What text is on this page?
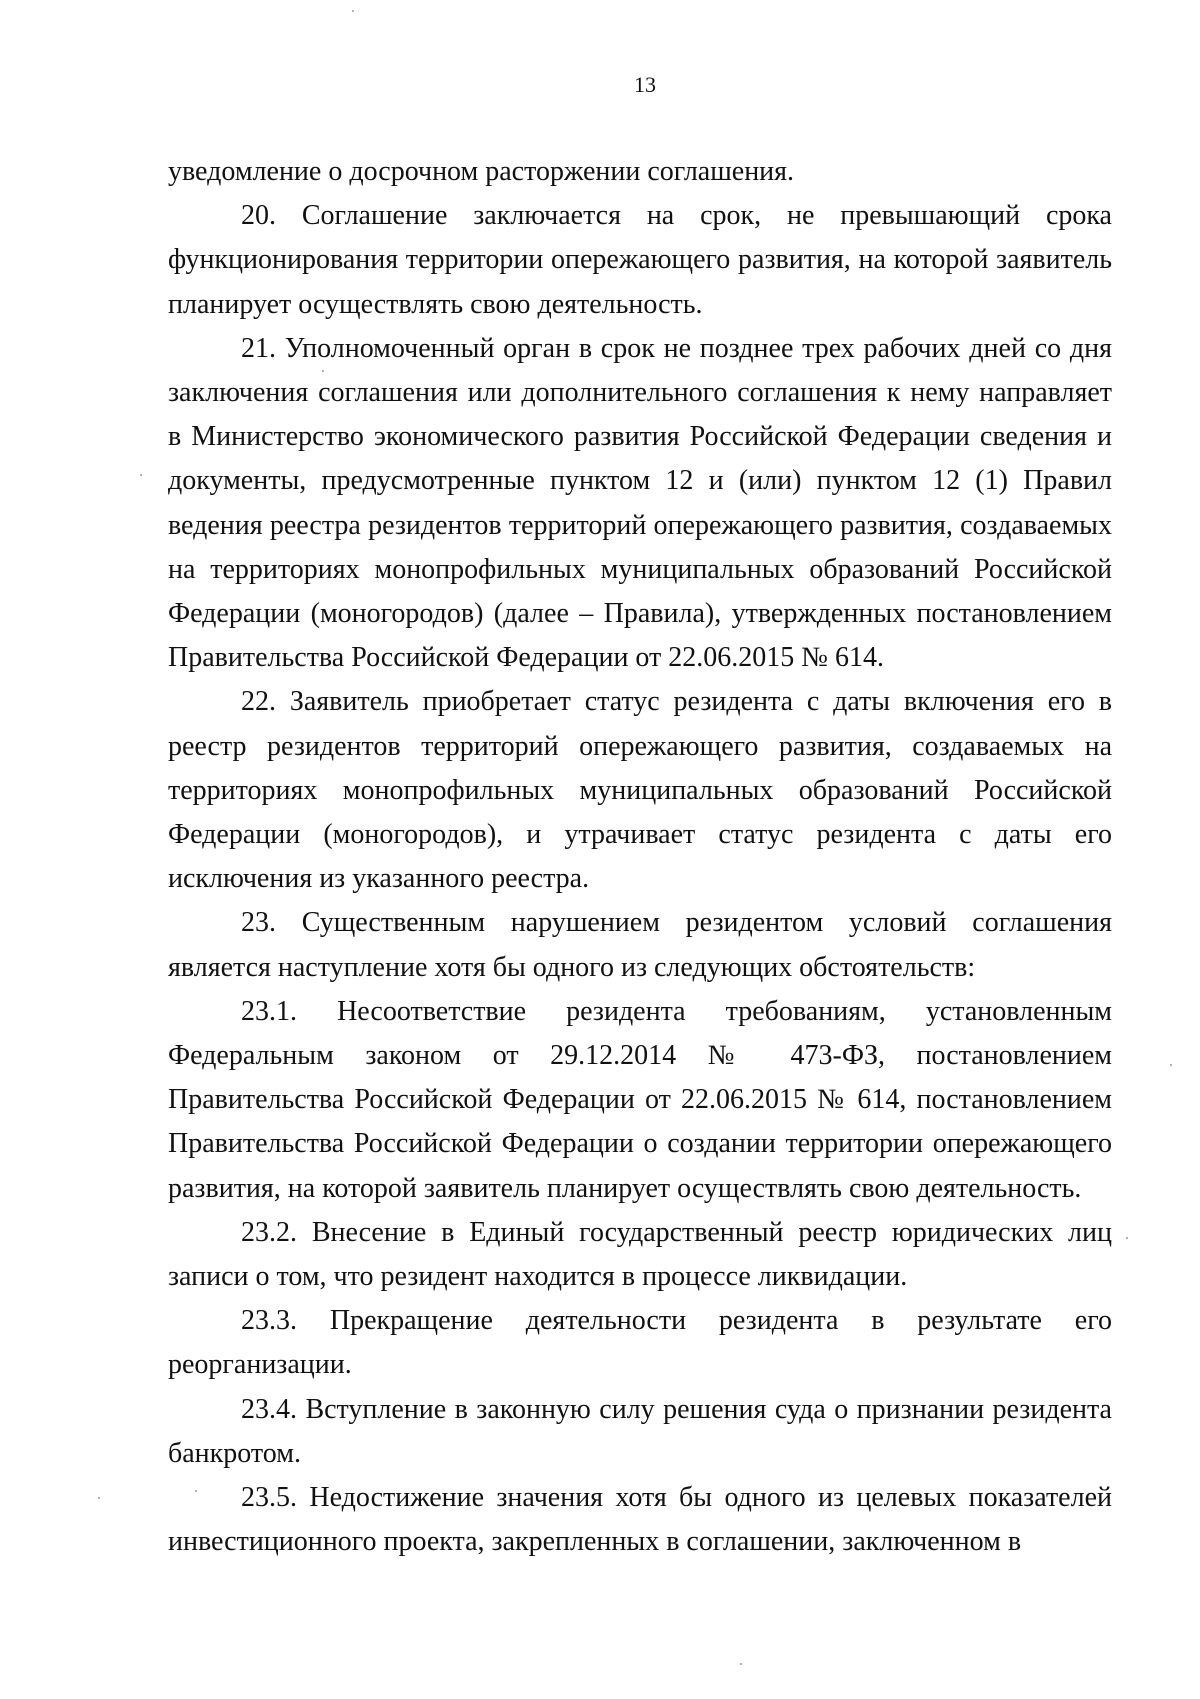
13

уведомление о досрочном расторжении соглашения.

20. Соглашение заключается на срок, не превышающий срока функционирования территории опережающего развития, на которой заявитель планирует осуществлять свою деятельность.

21. Уполномоченный орган в срок не позднее трех рабочих дней со дня заключения соглашения или дополнительного соглашения к нему направляет в Министерство экономического развития Российской Федерации сведения и документы, предусмотренные пунктом 12 и (или) пунктом 12 (1) Правил ведения реестра резидентов территорий опережающего развития, создаваемых на территориях монопрофильных муниципальных образований Российской Федерации (моногородов) (далее – Правила), утвержденных постановлением Правительства Российской Федерации от 22.06.2015 № 614.

22. Заявитель приобретает статус резидента с даты включения его в реестр резидентов территорий опережающего развития, создаваемых на территориях монопрофильных муниципальных образований Российской Федерации (моногородов), и утрачивает статус резидента с даты его исключения из указанного реестра.

23. Существенным нарушением резидентом условий соглашения является наступление хотя бы одного из следующих обстоятельств:

23.1. Несоответствие резидента требованиям, установленным Федеральным законом от 29.12.2014 № 473-ФЗ, постановлением Правительства Российской Федерации от 22.06.2015 № 614, постановлением Правительства Российской Федерации о создании территории опережающего развития, на которой заявитель планирует осуществлять свою деятельность.

23.2. Внесение в Единый государственный реестр юридических лиц записи о том, что резидент находится в процессе ликвидации.

23.3. Прекращение деятельности резидента в результате его реорганизации.

23.4. Вступление в законную силу решения суда о признании резидента банкротом.

23.5. Недостижение значения хотя бы одного из целевых показателей инвестиционного проекта, закрепленных в соглашении, заключенном в
